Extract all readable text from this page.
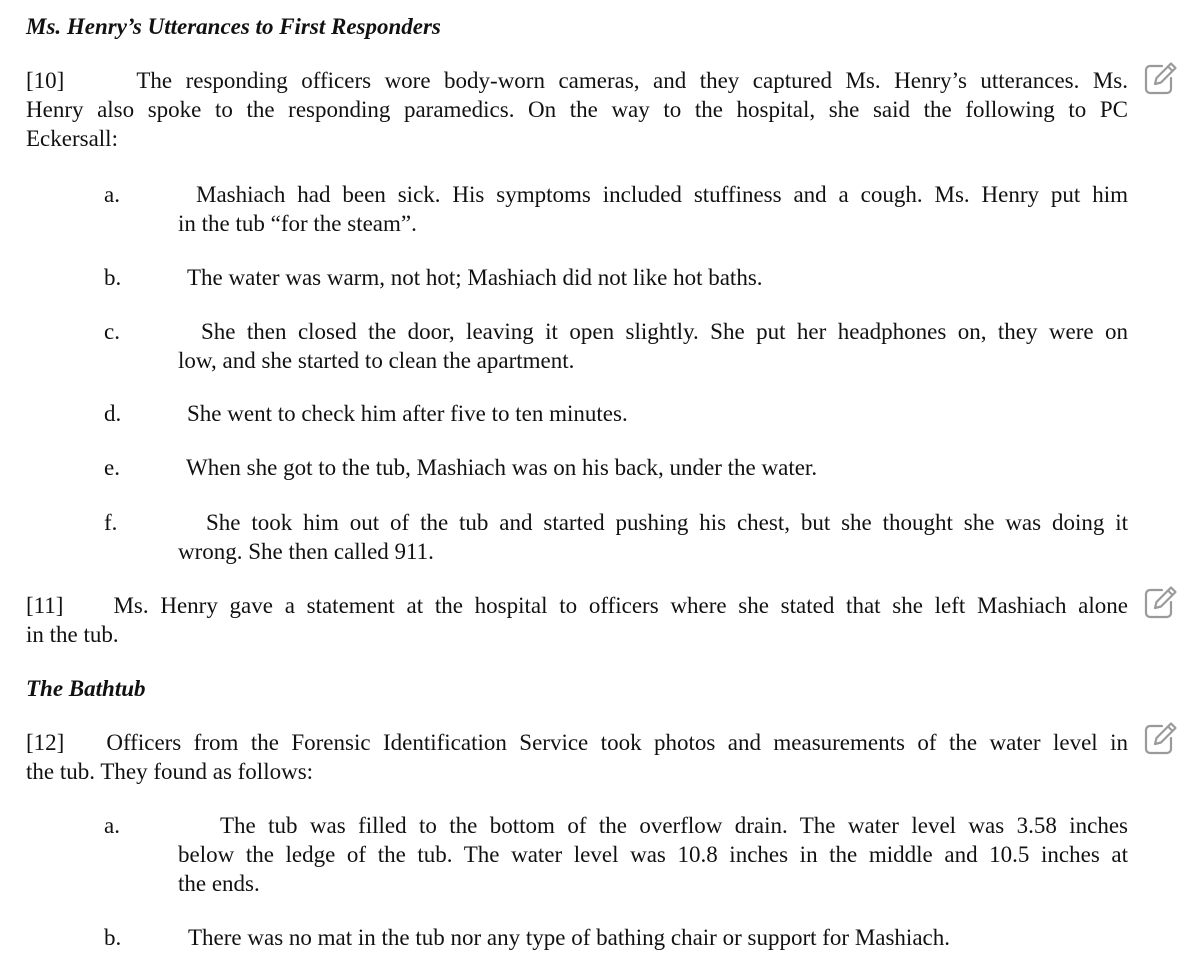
Ms. Henry’s Utterances to First Responders
[10]	The responding officers wore body-worn cameras, and they captured Ms. Henry’s utterances. Ms.
Henry also spoke to the responding paramedics. On the way to the hospital, she said the following to PC
Eckersall:
a.	Mashiach had been sick. His symptoms included stuffiness and a cough. Ms. Henry put him
in the tub “for the steam”.
b.	The water was warm, not hot; Mashiach did not like hot baths.
c.	She then closed the door, leaving it open slightly. She put her headphones on, they were on
low, and she started to clean the apartment.
d.	She went to check him after five to ten minutes.
e.	When she got to the tub, Mashiach was on his back, under the water.
f.	She took him out of the tub and started pushing his chest, but she thought she was doing it
wrong. She then called 911.
[11] Ms. Henry gave a statement at the hospital to officers where she stated that she left Mashiach alone
in the tub.
The Bathtub
[12] Officers from the Forensic Identification Service took photos and measurements of the water level in
the tub. They found as follows:
a.	The tub was filled to the bottom of the overflow drain. The water level was 3.58 inches
below the ledge of the tub. The water level was 10.8 inches in the middle and 10.5 inches at
the ends.
b.	There was no mat in the tub nor any type of bathing chair or support for Mashiach.
